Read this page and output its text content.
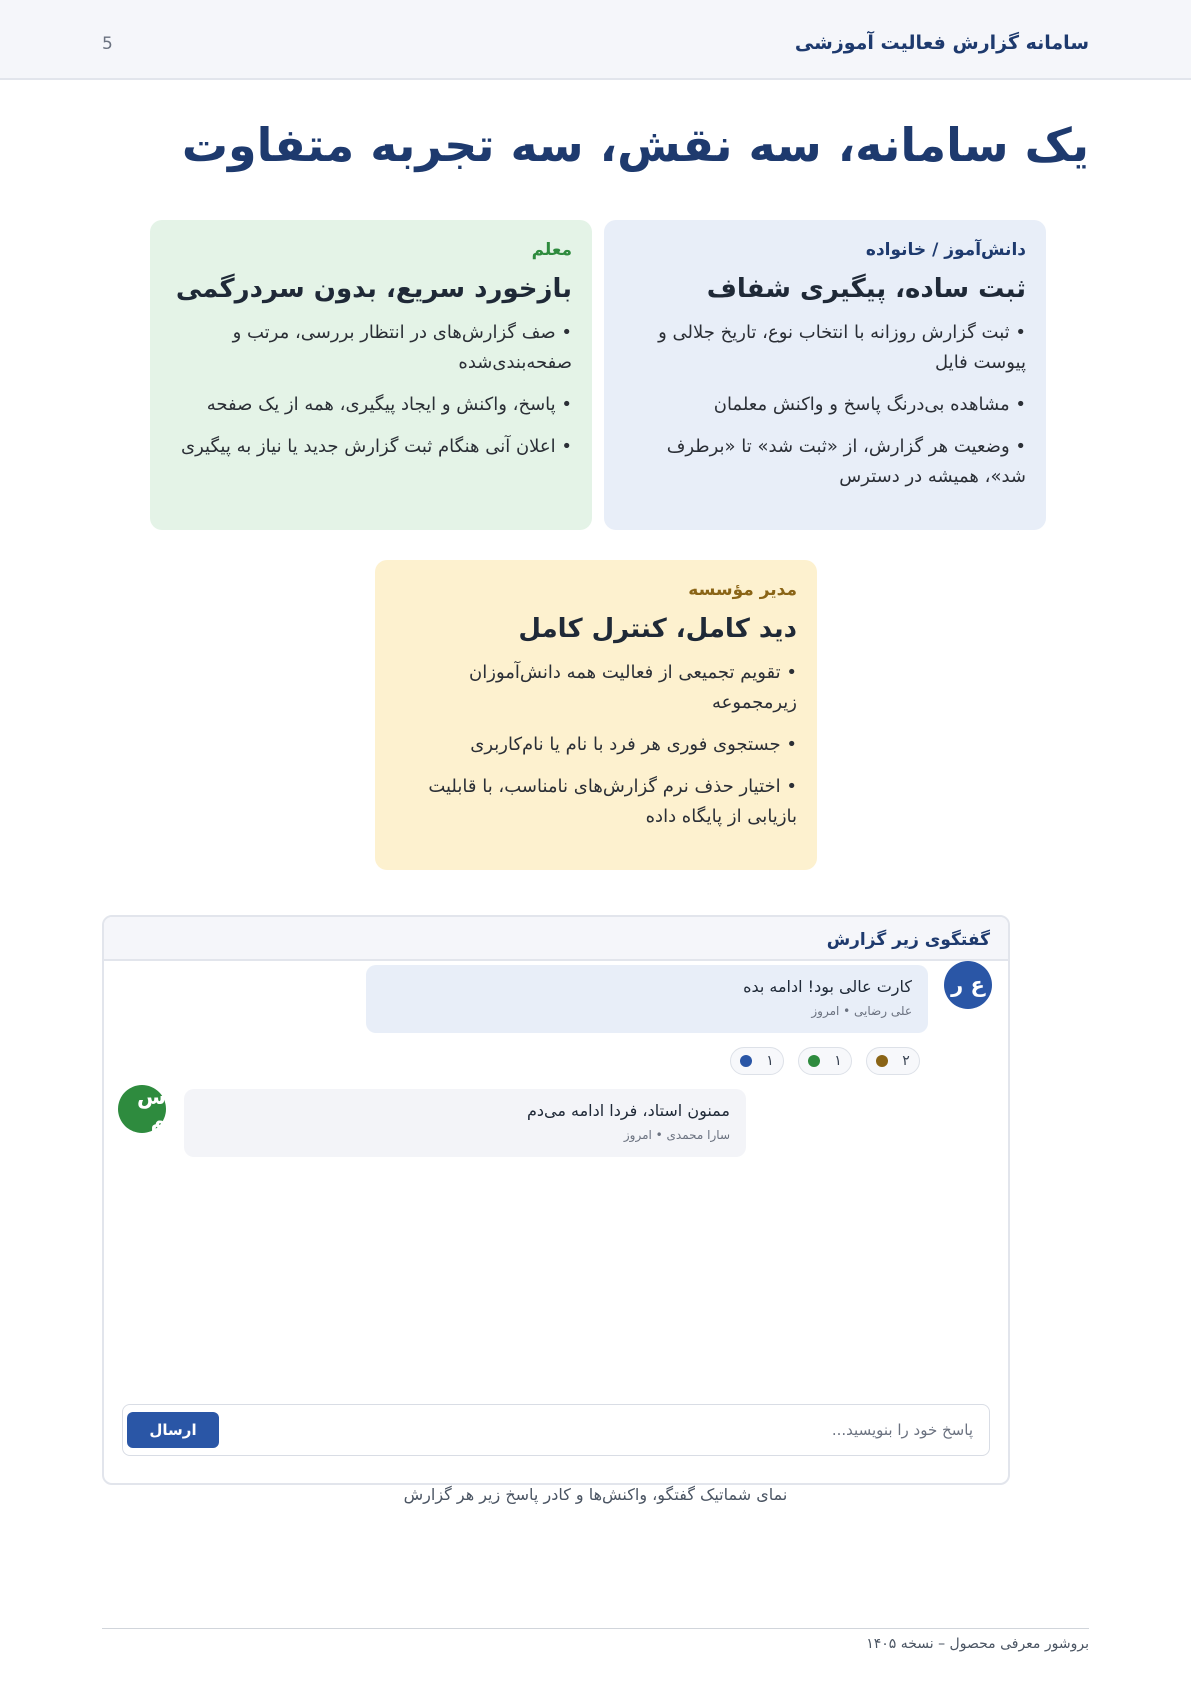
سامانه گزارش فعالیت آموزشی
5
یک سامانه، سه نقش، سه تجربه متفاوت
دانش‌آموز / خانواده
ثبت ساده، پیگیری شفاف
• ثبت گزارش روزانه با انتخاب نوع، تاریخ جلالی و پیوست فایل
• مشاهده بی‌درنگ پاسخ و واکنش معلمان
• وضعیت هر گزارش، از «ثبت شد» تا «برطرف شد»، همیشه در دسترس
معلم
بازخورد سریع، بدون سردرگمی
• صف گزارش‌های در انتظار بررسی، مرتب و صفحه‌بندی‌شده
• پاسخ، واکنش و ایجاد پیگیری، همه از یک صفحه
• اعلان آنی هنگام ثبت گزارش جدید یا نیاز به پیگیری
مدیر مؤسسه
دید کامل، کنترل کامل
• تقویم تجمیعی از فعالیت همه دانش‌آموزان زیرمجموعه
• جستجوی فوری هر فرد با نام یا نام‌کاربری
• اختیار حذف نرم گزارش‌های نامناسب، با قابلیت بازیابی از پایگاه داده
گفتگوی زیر گزارش
ع ر
کارت عالی بود! ادامه بده
علی رضایی • امروز
۲
۱
۱
س م	ممنون استاد، فردا ادامه می‌دم
سارا محمدی • امروز
پاسخ خود را بنویسید...
ارسال
نمای شماتیک گفتگو، واکنش‌ها و کادر پاسخ زیر هر گزارش
بروشور معرفی محصول – نسخه ۱۴۰۵
